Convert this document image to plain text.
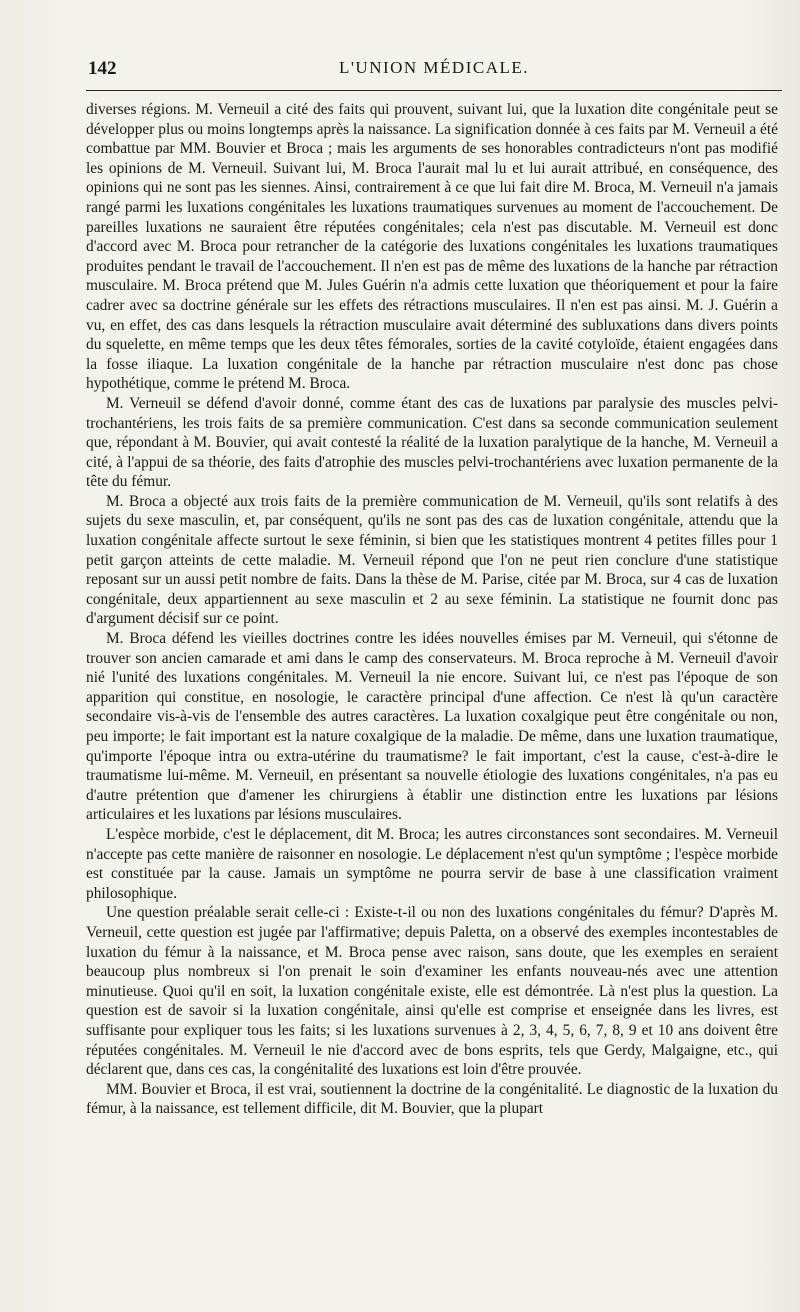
142	L'UNION MÉDICALE.

diverses régions. M. Verneuil a cité des faits qui prouvent, suivant lui, que la luxation dite congénitale peut se développer plus ou moins longtemps après la naissance. La signification donnée à ces faits par M. Verneuil a été combattue par MM. Bouvier et Broca ; mais les arguments de ses honorables contradicteurs n'ont pas modifié les opinions de M. Verneuil. Suivant lui, M. Broca l'aurait mal lu et lui aurait attribué, en conséquence, des opinions qui ne sont pas les siennes. Ainsi, contrairement à ce que lui fait dire M. Broca, M. Verneuil n'a jamais rangé parmi les luxations congénitales les luxations traumatiques survenues au moment de l'accouchement. De pareilles luxations ne sauraient être réputées congénitales; cela n'est pas discutable. M. Verneuil est donc d'accord avec M. Broca pour retrancher de la catégorie des luxations congénitales les luxations traumatiques produites pendant le travail de l'accouchement. Il n'en est pas de même des luxations de la hanche par rétraction musculaire. M. Broca prétend que M. Jules Guérin n'a admis cette luxation que théoriquement et pour la faire cadrer avec sa doctrine générale sur les effets des rétractions musculaires. Il n'en est pas ainsi. M. J. Guérin a vu, en effet, des cas dans lesquels la rétraction musculaire avait déterminé des subluxations dans divers points du squelette, en même temps que les deux têtes fémorales, sorties de la cavité cotyloïde, étaient engagées dans la fosse iliaque. La luxation congénitale de la hanche par rétraction musculaire n'est donc pas chose hypothétique, comme le prétend M. Broca.

M. Verneuil se défend d'avoir donné, comme étant des cas de luxations par paralysie des muscles pelvi-trochantériens, les trois faits de sa première communication. C'est dans sa seconde communication seulement que, répondant à M. Bouvier, qui avait contesté la réalité de la luxation paralytique de la hanche, M. Verneuil a cité, à l'appui de sa théorie, des faits d'atrophie des muscles pelvi-trochantériens avec luxation permanente de la tête du fémur.

M. Broca a objecté aux trois faits de la première communication de M. Verneuil, qu'ils sont relatifs à des sujets du sexe masculin, et, par conséquent, qu'ils ne sont pas des cas de luxation congénitale, attendu que la luxation congénitale affecte surtout le sexe féminin, si bien que les statistiques montrent 4 petites filles pour 1 petit garçon atteints de cette maladie. M. Verneuil répond que l'on ne peut rien conclure d'une statistique reposant sur un aussi petit nombre de faits. Dans la thèse de M. Parise, citée par M. Broca, sur 4 cas de luxation congénitale, deux appartiennent au sexe masculin et 2 au sexe féminin. La statistique ne fournit donc pas d'argument décisif sur ce point.

M. Broca défend les vieilles doctrines contre les idées nouvelles émises par M. Verneuil, qui s'étonne de trouver son ancien camarade et ami dans le camp des conservateurs. M. Broca reproche à M. Verneuil d'avoir nié l'unité des luxations congénitales. M. Verneuil la nie encore. Suivant lui, ce n'est pas l'époque de son apparition qui constitue, en nosologie, le caractère principal d'une affection. Ce n'est là qu'un caractère secondaire vis-à-vis de l'ensemble des autres caractères. La luxation coxalgique peut être congénitale ou non, peu importe; le fait important est la nature coxalgique de la maladie. De même, dans une luxation traumatique, qu'importe l'époque intra ou extra-utérine du traumatisme? le fait important, c'est la cause, c'est-à-dire le traumatisme lui-même. M. Verneuil, en présentant sa nouvelle étiologie des luxations congénitales, n'a pas eu d'autre prétention que d'amener les chirurgiens à établir une distinction entre les luxations par lésions articulaires et les luxations par lésions musculaires.

L'espèce morbide, c'est le déplacement, dit M. Broca; les autres circonstances sont secondaires. M. Verneuil n'accepte pas cette manière de raisonner en nosologie. Le déplacement n'est qu'un symptôme ; l'espèce morbide est constituée par la cause. Jamais un symptôme ne pourra servir de base à une classification vraiment philosophique.

Une question préalable serait celle-ci : Existe-t-il ou non des luxations congénitales du fémur? D'après M. Verneuil, cette question est jugée par l'affirmative; depuis Paletta, on a observé des exemples incontestables de luxation du fémur à la naissance, et M. Broca pense avec raison, sans doute, que les exemples en seraient beaucoup plus nombreux si l'on prenait le soin d'examiner les enfants nouveau-nés avec une attention minutieuse. Quoi qu'il en soit, la luxation congénitale existe, elle est démontrée. Là n'est plus la question. La question est de savoir si la luxation congénitale, ainsi qu'elle est comprise et enseignée dans les livres, est suffisante pour expliquer tous les faits; si les luxations survenues à 2, 3, 4, 5, 6, 7, 8, 9 et 10 ans doivent être réputées congénitales. M. Verneuil le nie d'accord avec de bons esprits, tels que Gerdy, Malgaigne, etc., qui déclarent que, dans ces cas, la congénitalité des luxations est loin d'être prouvée.

MM. Bouvier et Broca, il est vrai, soutiennent la doctrine de la congénitalité. Le diagnostic de la luxation du fémur, à la naissance, est tellement difficile, dit M. Bouvier, que la plupart
